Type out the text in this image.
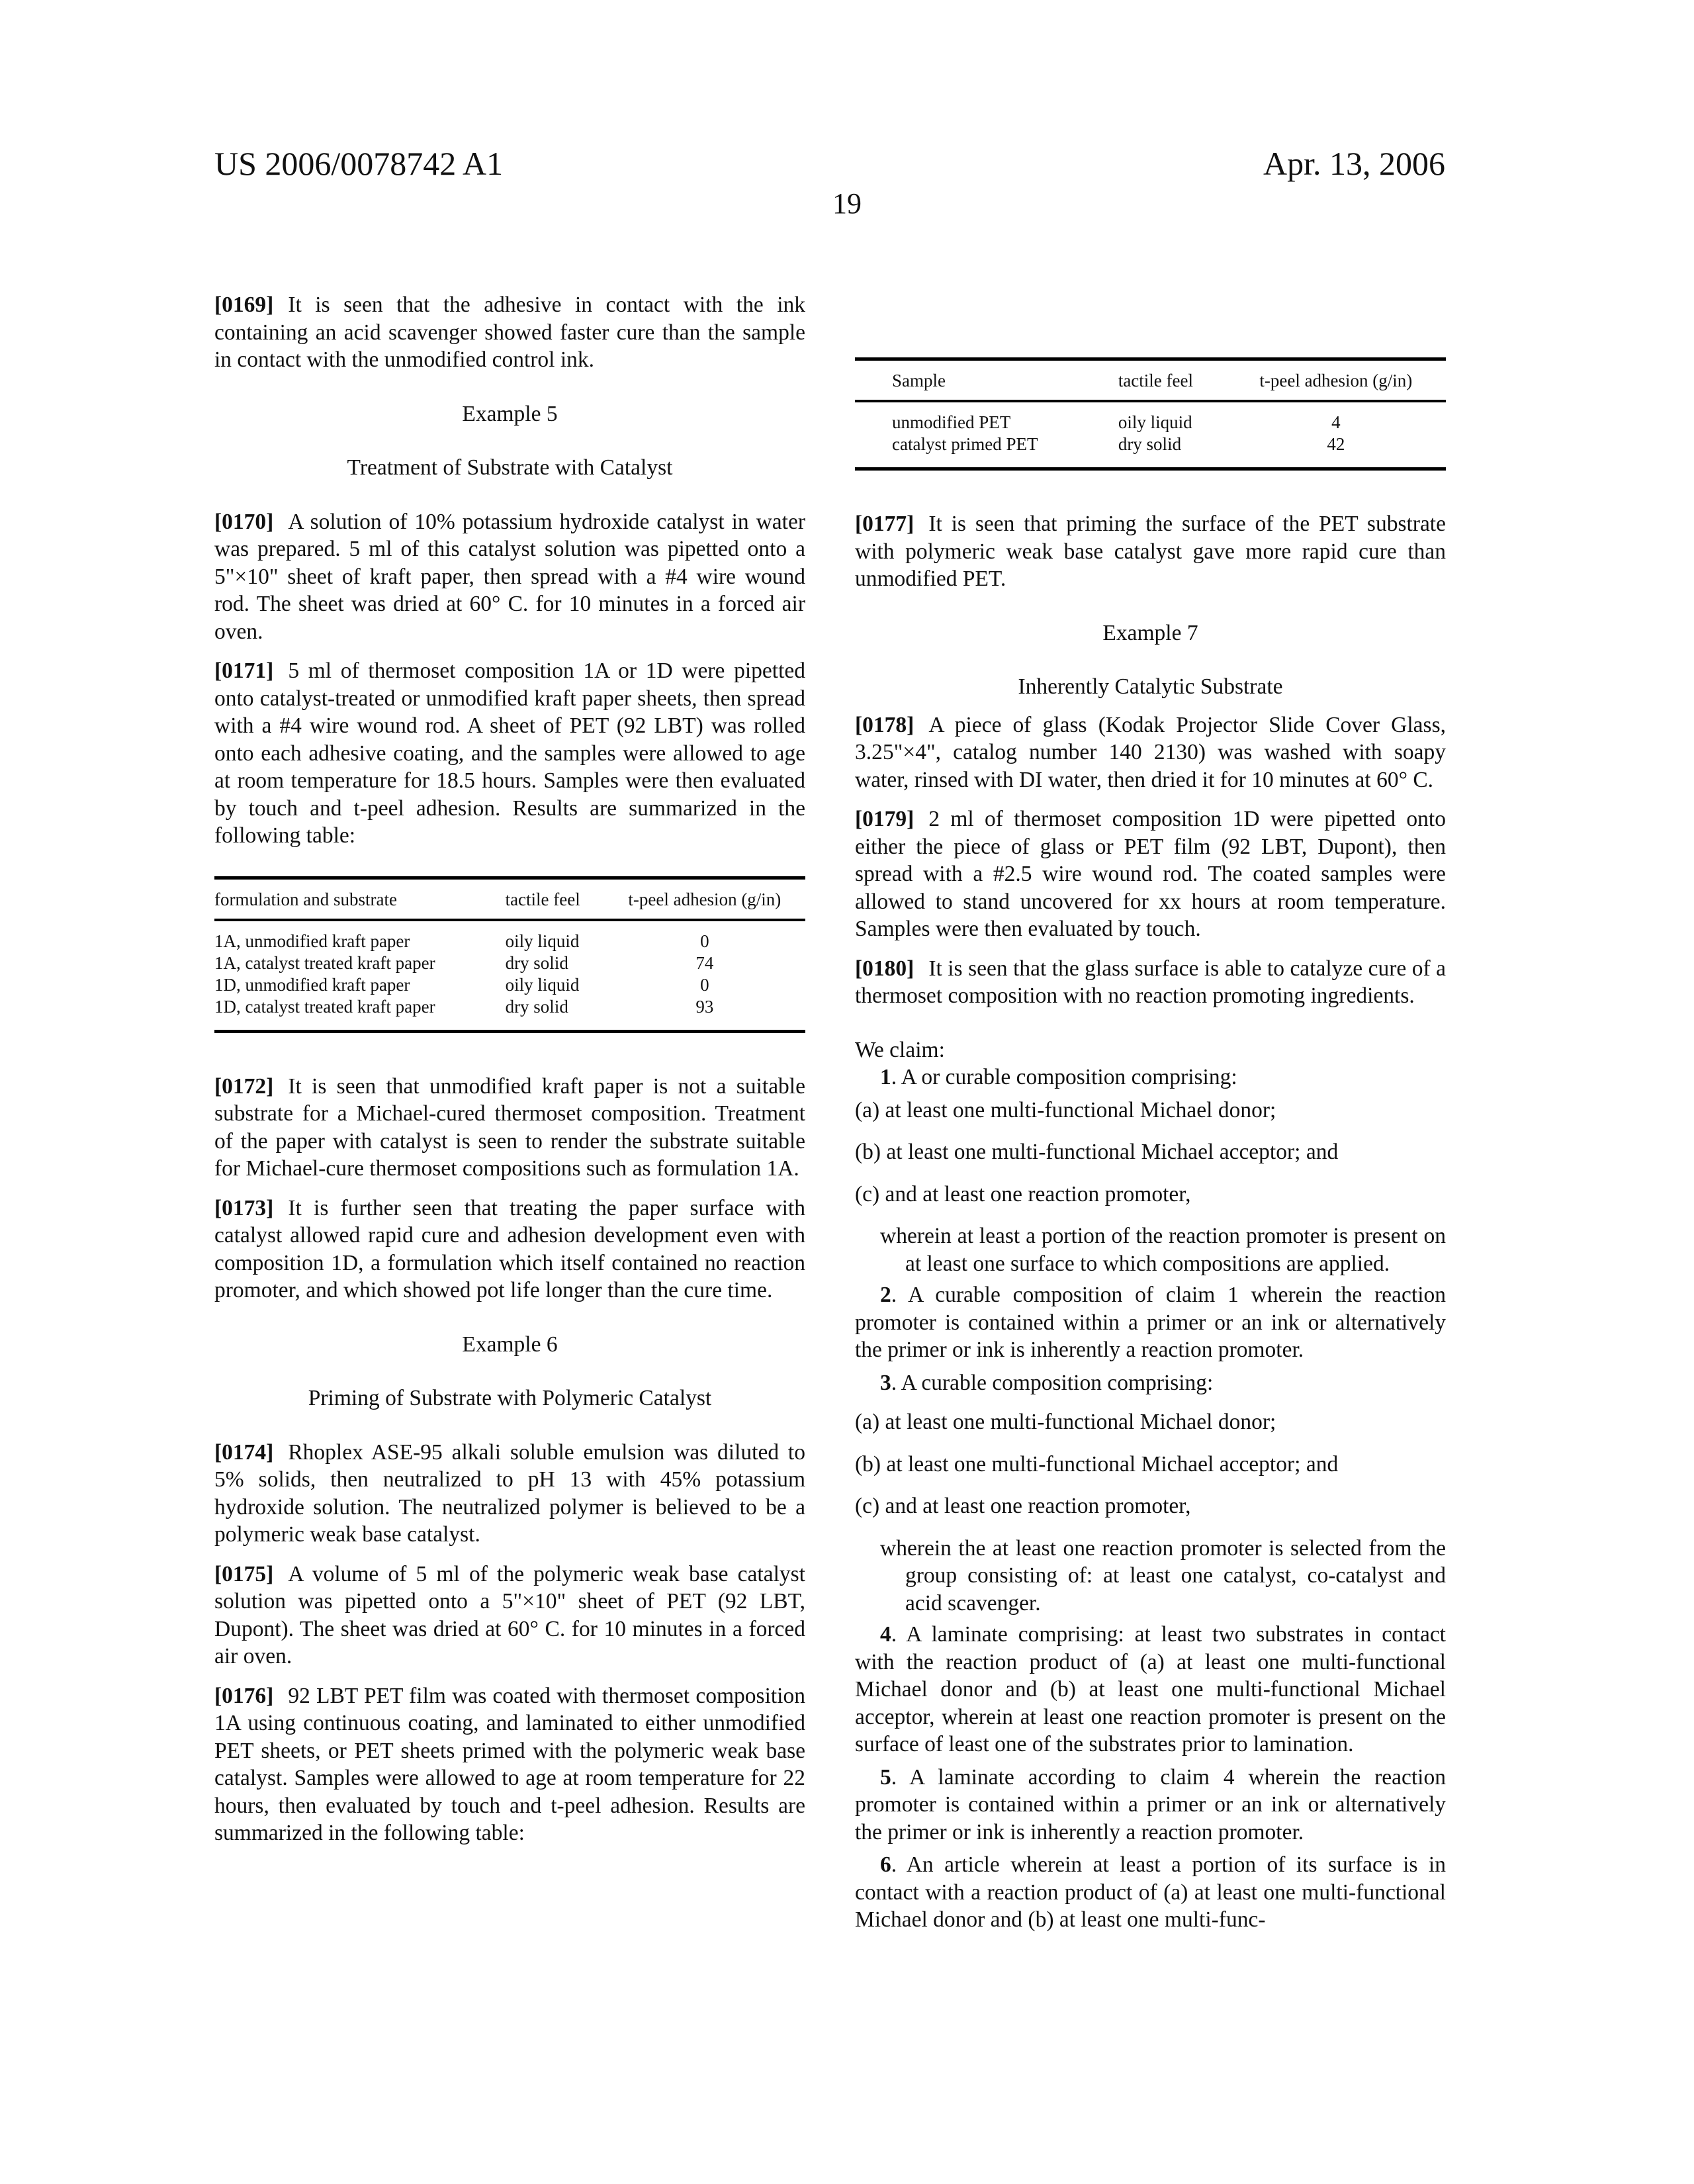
US 2006/0078742 A1	Apr. 13, 2006
19

[0169] It is seen that the adhesive in contact with the ink containing an acid scavenger showed faster cure than the sample in contact with the unmodified control ink.

Example 5
Treatment of Substrate with Catalyst

[0170] A solution of 10% potassium hydroxide catalyst in water was prepared. 5 ml of this catalyst solution was pipetted onto a 5"×10" sheet of kraft paper, then spread with a #4 wire wound rod. The sheet was dried at 60° C. for 10 minutes in a forced air oven.

[0171] 5 ml of thermoset composition 1A or 1D were pipetted onto catalyst-treated or unmodified kraft paper sheets, then spread with a #4 wire wound rod. A sheet of PET (92 LBT) was rolled onto each adhesive coating, and the samples were allowed to age at room temperature for 18.5 hours. Samples were then evaluated by touch and t-peel adhesion. Results are summarized in the following table:

formulation and substrate	tactile feel	t-peel adhesion (g/in)
1A, unmodified kraft paper	oily liquid	0
1A, catalyst treated kraft paper	dry solid	74
1D, unmodified kraft paper	oily liquid	0
1D, catalyst treated kraft paper	dry solid	93

[0172] It is seen that unmodified kraft paper is not a suitable substrate for a Michael-cured thermoset composition. Treatment of the paper with catalyst is seen to render the substrate suitable for Michael-cure thermoset compositions such as formulation 1A.

[0173] It is further seen that treating the paper surface with catalyst allowed rapid cure and adhesion development even with composition 1D, a formulation which itself contained no reaction promoter, and which showed pot life longer than the cure time.

Example 6
Priming of Substrate with Polymeric Catalyst

[0174] Rhoplex ASE-95 alkali soluble emulsion was diluted to 5% solids, then neutralized to pH 13 with 45% potassium hydroxide solution. The neutralized polymer is believed to be a polymeric weak base catalyst.

[0175] A volume of 5 ml of the polymeric weak base catalyst solution was pipetted onto a 5"×10" sheet of PET (92 LBT, Dupont). The sheet was dried at 60° C. for 10 minutes in a forced air oven.

[0176] 92 LBT PET film was coated with thermoset composition 1A using continuous coating, and laminated to either unmodified PET sheets, or PET sheets primed with the polymeric weak base catalyst. Samples were allowed to age at room temperature for 22 hours, then evaluated by touch and t-peel adhesion. Results are summarized in the following table:

Sample	tactile feel	t-peel adhesion (g/in)
unmodified PET	oily liquid	4
catalyst primed PET	dry solid	42

[0177] It is seen that priming the surface of the PET substrate with polymeric weak base catalyst gave more rapid cure than unmodified PET.

Example 7
Inherently Catalytic Substrate

[0178] A piece of glass (Kodak Projector Slide Cover Glass, 3.25"×4", catalog number 140 2130) was washed with soapy water, rinsed with DI water, then dried it for 10 minutes at 60° C.

[0179] 2 ml of thermoset composition 1D were pipetted onto either the piece of glass or PET film (92 LBT, Dupont), then spread with a #2.5 wire wound rod. The coated samples were allowed to stand uncovered for xx hours at room temperature. Samples were then evaluated by touch.

[0180] It is seen that the glass surface is able to catalyze cure of a thermoset composition with no reaction promoting ingredients.

We claim:

1. A or curable composition comprising:

(a) at least one multi-functional Michael donor;
(b) at least one multi-functional Michael acceptor; and
(c) and at least one reaction promoter,
wherein at least a portion of the reaction promoter is present on at least one surface to which compositions are applied.

2. A curable composition of claim 1 wherein the reaction promoter is contained within a primer or an ink or alternatively the primer or ink is inherently a reaction promoter.

3. A curable composition comprising:

(a) at least one multi-functional Michael donor;
(b) at least one multi-functional Michael acceptor; and
(c) and at least one reaction promoter,
wherein the at least one reaction promoter is selected from the group consisting of: at least one catalyst, co-catalyst and acid scavenger.

4. A laminate comprising: at least two substrates in contact with the reaction product of (a) at least one multi-functional Michael donor and (b) at least one multi-functional Michael acceptor, wherein at least one reaction promoter is present on the surface of least one of the substrates prior to lamination.

5. A laminate according to claim 4 wherein the reaction promoter is contained within a primer or an ink or alternatively the primer or ink is inherently a reaction promoter.

6. An article wherein at least a portion of its surface is in contact with a reaction product of (a) at least one multi-functional Michael donor and (b) at least one multi-func-
